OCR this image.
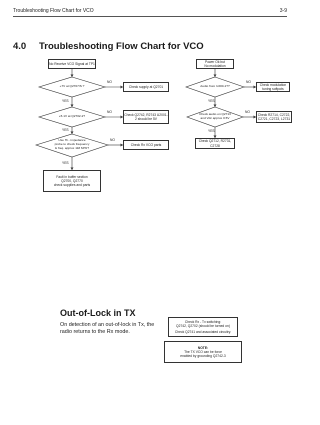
Troubleshooting Flow Chart for VCO	3-9
4.0 Troubleshooting Flow Chart for VCO
No Receive VCO Signal at TP1
+7V at Q2707/S ?	Check supply at Q2701
+5.1V at Q2702-2?	Check Q2742, R2743 U2001-2 should be 5V
Use Hi - impedance
probe to check frequency
& freq. approx 118 MHz?
Check Rx VCO parts
Fault in buffer section
Q2700, Q2770
check supplies and parts
NO
YES
NO
YES
NO
YES
Power Ok but
No modulation
Audio from U200-1??	Check modulation tuning softpots
Check audio on Q2713
and Vdc approx 0.5V
Check R2714, C2722, C2721, C2723, L2731
Check Q2712, R2731, C2728
NO
YES
NO
YES
Out-of-Lock in TX
On detection of an out-of-lock in Tx, the radio returns to the Rx mode.
Check Rx - Tx switching:
Q2742, Q2702 (should be turned on)
Check Q2741 and associated circuitry.
NOTE:
The TX VCO can be force enabled by grounding Q2742-3
